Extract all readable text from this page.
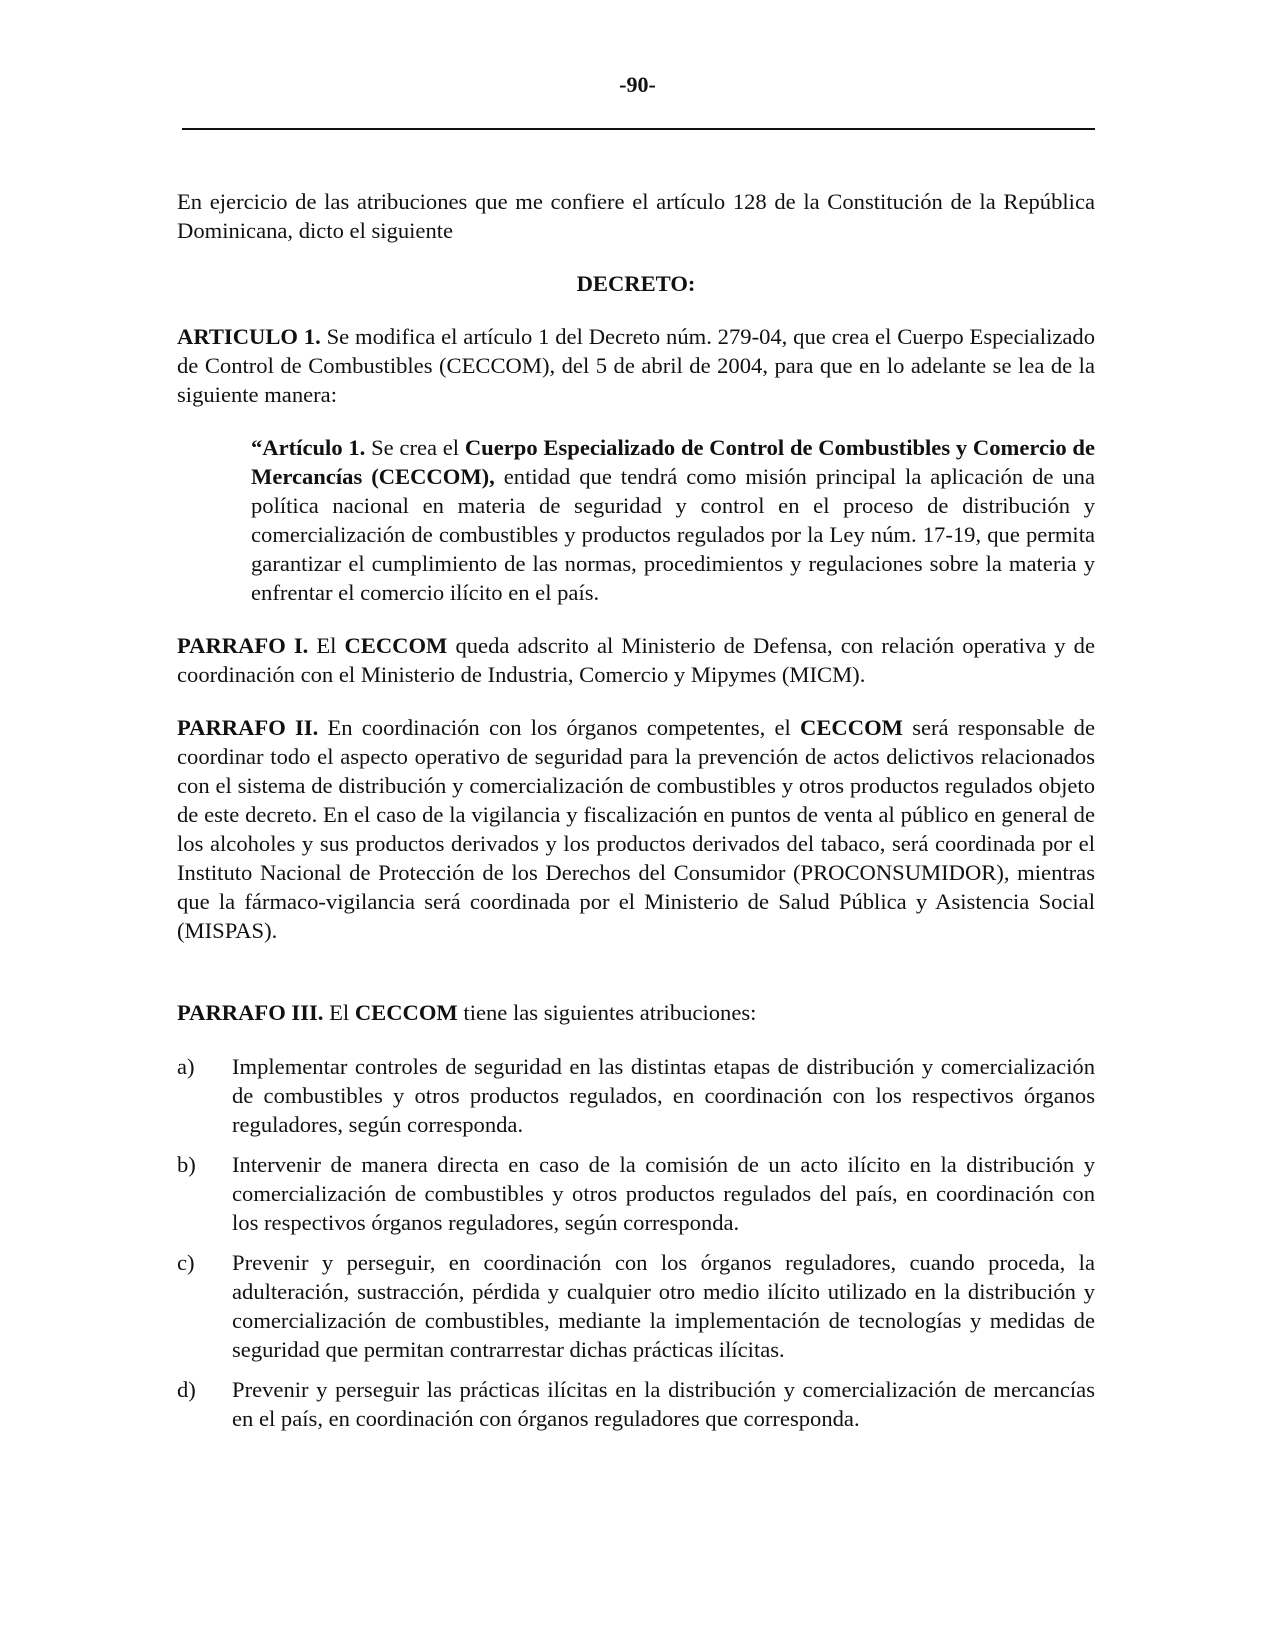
-90-

En ejercicio de las atribuciones que me confiere el artículo 128 de la Constitución de la República Dominicana, dicto el siguiente

DECRETO:

ARTICULO 1. Se modifica el artículo 1 del Decreto núm. 279-04, que crea el Cuerpo Especializado de Control de Combustibles (CECCOM), del 5 de abril de 2004, para que en lo adelante se lea de la siguiente manera:

“Artículo 1. Se crea el Cuerpo Especializado de Control de Combustibles y Comercio de Mercancías (CECCOM), entidad que tendrá como misión principal la aplicación de una política nacional en materia de seguridad y control en el proceso de distribución y comercialización de combustibles y productos regulados por la Ley núm. 17-19, que permita garantizar el cumplimiento de las normas, procedimientos y regulaciones sobre la materia y enfrentar el comercio ilícito en el país.

PARRAFO I. El CECCOM queda adscrito al Ministerio de Defensa, con relación operativa y de coordinación con el Ministerio de Industria, Comercio y Mipymes (MICM).

PARRAFO II. En coordinación con los órganos competentes, el CECCOM será responsable de coordinar todo el aspecto operativo de seguridad para la prevención de actos delictivos relacionados con el sistema de distribución y comercialización de combustibles y otros productos regulados objeto de este decreto. En el caso de la vigilancia y fiscalización en puntos de venta al público en general de los alcoholes y sus productos derivados y los productos derivados del tabaco, será coordinada por el Instituto Nacional de Protección de los Derechos del Consumidor (PROCONSUMIDOR), mientras que la fármaco-vigilancia será coordinada por el Ministerio de Salud Pública y Asistencia Social (MISPAS).

PARRAFO III. El CECCOM tiene las siguientes atribuciones:

a)	Implementar controles de seguridad en las distintas etapas de distribución y comercialización de combustibles y otros productos regulados, en coordinación con los respectivos órganos reguladores, según corresponda.
b)	Intervenir de manera directa en caso de la comisión de un acto ilícito en la distribución y comercialización de combustibles y otros productos regulados del país, en coordinación con los respectivos órganos reguladores, según corresponda.
c)	Prevenir y perseguir, en coordinación con los órganos reguladores, cuando proceda, la adulteración, sustracción, pérdida y cualquier otro medio ilícito utilizado en la distribución y comercialización de combustibles, mediante la implementación de tecnologías y medidas de seguridad que permitan contrarrestar dichas prácticas ilícitas.
d)	Prevenir y perseguir las prácticas ilícitas en la distribución y comercialización de mercancías en el país, en coordinación con órganos reguladores que corresponda.
